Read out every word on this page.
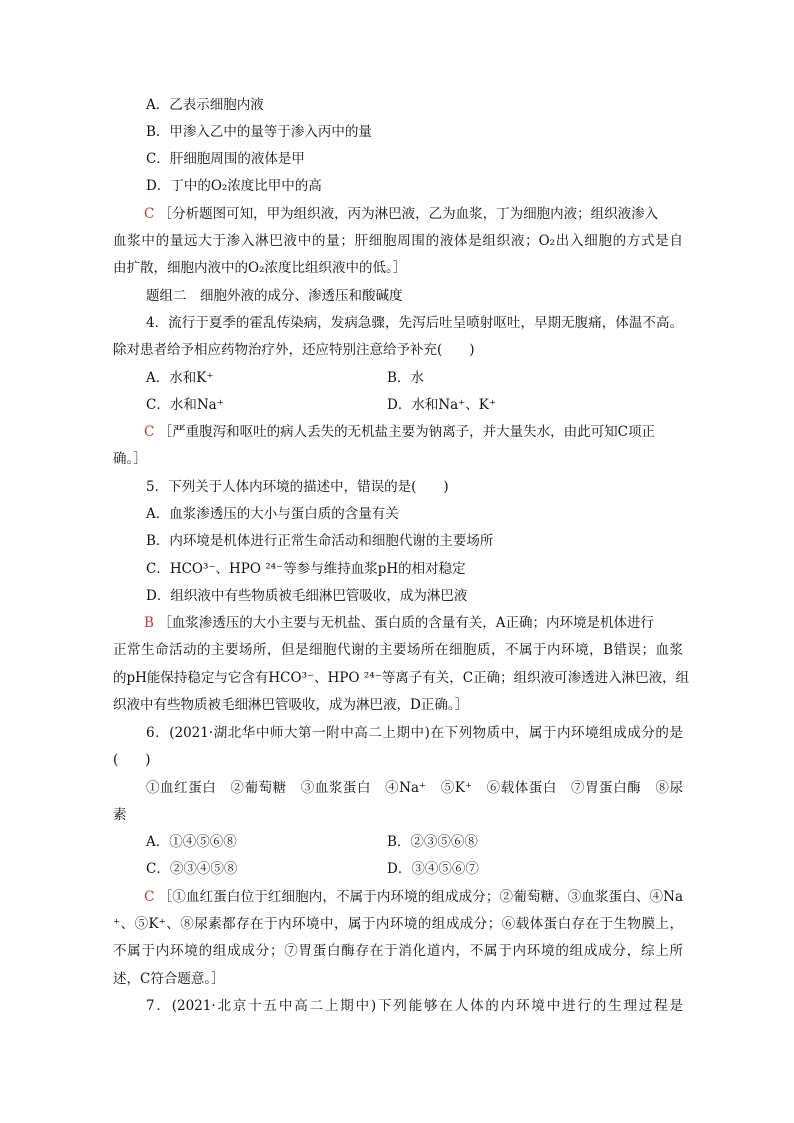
A．乙表示细胞内液
B．甲渗入乙中的量等于渗入丙中的量
C．肝细胞周围的液体是甲
D．丁中的O₂浓度比甲中的高
C ［分析题图可知，甲为组织液，丙为淋巴液，乙为血浆，丁为细胞内液；组织液渗入
血浆中的量远大于渗入淋巴液中的量；肝细胞周围的液体是组织液；O₂出入细胞的方式是自
由扩散，细胞内液中的O₂浓度比组织液中的低。］
题组二　细胞外液的成分、渗透压和酸碱度
4．流行于夏季的霍乱传染病，发病急骤，先泻后吐呈喷射呕吐，早期无腹痛，体温不高。
除对患者给予相应药物治疗外，还应特别注意给予补充(　　)
A．水和K⁺	B．水
C．水和Na⁺	D．水和Na⁺、K⁺
C ［严重腹泻和呕吐的病人丢失的无机盐主要为钠离子，并大量失水，由此可知C项正
确。］
5．下列关于人体内环境的描述中，错误的是(　　)
A．血浆渗透压的大小与蛋白质的含量有关
B．内环境是机体进行正常生命活动和细胞代谢的主要场所
C．HCO³⁻、HPO ²⁴⁻等参与维持血浆pH的相对稳定
D．组织液中有些物质被毛细淋巴管吸收，成为淋巴液
B ［血浆渗透压的大小主要与无机盐、蛋白质的含量有关，A正确；内环境是机体进行
正常生命活动的主要场所，但是细胞代谢的主要场所在细胞质，不属于内环境，B错误；血浆
的pH能保持稳定与它含有HCO³⁻、HPO ²⁴⁻等离子有关，C正确；组织液可渗透进入淋巴液，组
织液中有些物质被毛细淋巴管吸收，成为淋巴液，D正确。］
6．(2021·湖北华中师大第一附中高二上期中)在下列物质中，属于内环境组成成分的是
(　　)
①血红蛋白　②葡萄糖　③血浆蛋白　④Na⁺　⑤K⁺　⑥载体蛋白　⑦胃蛋白酶　⑧尿
素
A．①④⑤⑥⑧	B．②③⑤⑥⑧
C．②③④⑤⑧	D．③④⑤⑥⑦
C ［①血红蛋白位于红细胞内，不属于内环境的组成成分；②葡萄糖、③血浆蛋白、④Na
⁺、⑤K⁺、⑧尿素都存在于内环境中，属于内环境的组成成分；⑥载体蛋白存在于生物膜上，
不属于内环境的组成成分；⑦胃蛋白酶存在于消化道内，不属于内环境的组成成分，综上所
述，C符合题意。］
7．(2021·北京十五中高二上期中)下列能够在人体的内环境中进行的生理过程是
